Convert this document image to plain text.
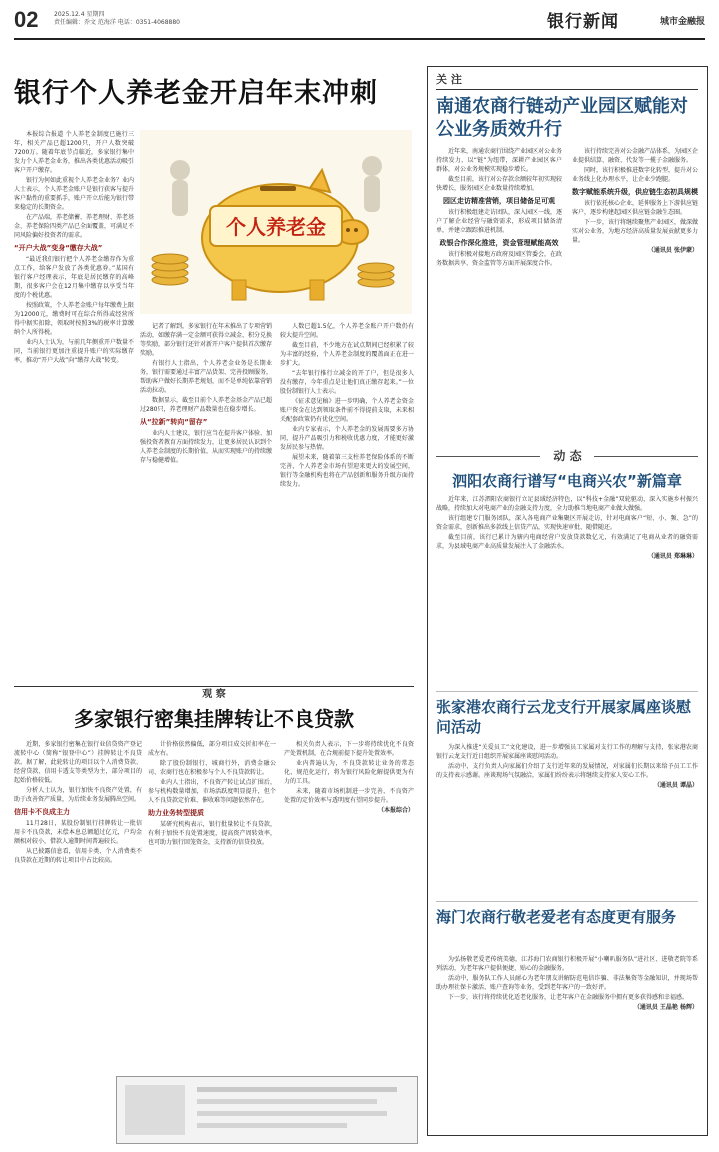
02	2025.12.4 星期四
责任编辑：乔文 范海洋 电话：0351-4068880	银行新闻	城市金融报
银行个人养老金开启年末冲刺

本报综合报道 个人养老金制度已施行三年，相关产品已超1200只，开户人数突破7200万。随着年底节点临近，多家银行集中发力个人养老金业务，推出各类优惠活动吸引客户开户缴存。

银行为何如此重视个人养老金业务？业内人士表示，个人养老金账户是银行获客与提升客户黏性的重要抓手，账户开立后能为银行带来稳定的长期资金。

在产品端，养老储蓄、养老理财、养老基金、养老保险四类产品已全面覆盖，可满足不同风险偏好投资者的需求。

“开户大战”变身“缴存大战”

“最近我们银行把个人养老金缴存作为重点工作，给客户发放了各类优惠券。”某国有银行客户经理表示，年底是居民缴存的高峰期，很多客户会在12月集中缴存以享受当年度的个税优惠。

按照政策，个人养老金账户每年缴费上限为12000元，缴费时可在综合所得或经营所得中据实扣除，领取时按照3%的税率计算缴纳个人所得税。

业内人士认为，与前几年侧重开户数量不同，当前银行更加注重提升账户的实际缴存率，推动“开户大战”向“缴存大战”转变。

个人养老金

记者了解到，多家银行在年末推出了专项营销活动，如缴存满一定金额可获得立减金、积分兑换等奖励，部分银行还针对新开户客户提供首次缴存奖励。

有银行人士指出，个人养老金业务是长期业务，银行需要通过丰富产品货架、完善投顾服务，帮助客户做好长期养老规划，而不是单纯依靠营销活动拉动。

数据显示，截至目前个人养老金基金产品已超过280只，养老理财产品数量也在稳步增长。

从“拉新”转向“留存”

业内人士建议，银行应当在提升客户体验、加强投资者教育方面持续发力，让更多居民认识到个人养老金制度的长期价值，从而实现账户的持续缴存与稳健增值。

人数已超1.5亿，个人养老金账户开户数仍有较大提升空间。

截至目前，不少地方在试点期间已经积累了较为丰富的经验，个人养老金制度的覆盖面正在进一步扩大。

“去年银行推行立减金的开了户，但是很多人没有缴存，今年重点是让他们真正缴存起来。”一位股份制银行人士表示。

《征求意见稿》进一步明确，个人养老金资金账户资金在达到领取条件前不得提前支取，未来相关配套政策仍有优化空间。

业内专家表示，个人养老金的发展需要多方协同，提升产品吸引力和税收优惠力度，才能更好激发居民参与热情。

展望未来，随着第三支柱养老保险体系的不断完善，个人养老金市场有望迎来更大的发展空间，银行等金融机构也将在产品创新和服务升级方面持续发力。

观 察
多家银行密集挂牌转让不良贷款

近期，多家银行密集在银行业信贷资产登记流转中心（简称“银登中心”）挂牌转让不良贷款。据了解，此轮转让的项目以个人消费贷款、经营贷款、信用卡透支等类型为主，部分项目的起始价格较低。

分析人士认为，银行加快不良资产处置，有助于改善资产质量，为后续业务发展腾出空间。

信用卡不良成主力

11月28日，某股份制银行挂牌转让一批信用卡不良贷款，未偿本息总额超过亿元，户均金额相对较小，借款人逾期时间普遍较长。

从已披露信息看，信用卡类、个人消费类不良贷款在近期的转让项目中占比较高。

计价格依然偏低，部分项目成交折扣率在一成左右。

除了股份制银行、城商行外，消费金融公司、农商行也在积极参与个人不良贷款转让。

业内人士指出，不良资产转让试点扩围后，参与机构数量增加，市场活跃度明显提升，但个人不良贷款定价难、催收难等问题依然存在。

助力业务转型提质

某研究机构表示，银行批量转让不良贷款，有利于加快不良处置速度，提高资产周转效率，也可助力银行回笼资金，支持新的信贷投放。

相关负责人表示，下一步将持续优化不良资产处置机制，在合规前提下提升处置效率。

业内普遍认为，不良贷款转让业务的常态化、规范化运行，将为银行风险化解提供更为有力的工具。

未来，随着市场机制进一步完善，不良资产处置的定价效率与透明度有望同步提升。

（本报综合）
关 注
南通农商行链动产业园区赋能对公业务质效升行

近年来，南通农商行围绕产业园区对公业务持续发力，以“链”为纽带，深耕产业园区客户群体，对公业务规模实现稳步增长。

截至目前，该行对公存款余额较年初实现较快增长，服务园区企业数量持续增加。

园区走访精准营销，项目储备足可观

该行积极组建走访团队，深入园区一线，逐户了解企业经营与融资需求，形成项目储备清单，并建立跟踪推进机制。

政银合作深化推进，资金管理赋能高效

该行积极对接地方政府及园区管委会，在政务数据共享、资金监管等方面开展深度合作。

该行持续完善对公金融产品体系，为园区企业提供结算、融资、代发等一揽子金融服务。

同时，该行积极推进数字化转型，提升对公业务线上化办理水平，让企业少跑腿。

数字赋能系统升级，供应链生态初具规模

该行依托核心企业，延伸服务上下游供应链客户，逐步构建起园区供应链金融生态圈。

下一步，该行将继续聚焦产业园区，做深做实对公业务，为地方经济高质量发展贡献更多力量。

（通讯员 张伊蒙）
动 态
泗阳农商行谱写“电商兴农”新篇章

近年来，江苏泗阳农商银行立足县域经济特色，以“科技+金融”双轮驱动，深入实施乡村振兴战略，持续加大对电商产业的金融支持力度，全力助推当地电商产业做大做强。

该行组建专门服务团队，深入各电商产业集聚区开展走访，针对电商客户“短、小、频、急”的资金需求，创新推出多款线上信贷产品，实现快速审批、随借随还。

截至目前，该行已累计为辖内电商经营户发放贷款数亿元，有效满足了电商从业者的融资需求，为县域电商产业高质量发展注入了金融活水。

（通讯员 郑琳琳）
张家港农商行云龙支行开展家属座谈慰问活动

为深入推进“关爱员工”文化建设，进一步增强员工家属对支行工作的理解与支持，张家港农商银行云龙支行近日组织开展家属座谈慰问活动。

活动中，支行负责人向家属们介绍了支行近年来的发展情况，对家属们长期以来给予员工工作的支持表示感谢。座谈现场气氛融洽，家属们纷纷表示将继续支持家人安心工作。

（通讯员 谭晶）
海门农商行敬老爱老有态度更有服务

为弘扬敬老爱老传统美德，江苏海门农商银行积极开展“小喇叭服务队”进社区、进敬老院等系列活动，为老年客户提供便捷、贴心的金融服务。

活动中，服务队工作人员耐心为老年朋友讲解防范电信诈骗、非法集资等金融知识，并现场帮助办理社保卡激活、账户查询等业务，受到老年客户的一致好评。

下一步，该行将持续优化适老化服务，让老年客户在金融服务中拥有更多获得感和幸福感。

（通讯员 王晶艳 杨辉）
